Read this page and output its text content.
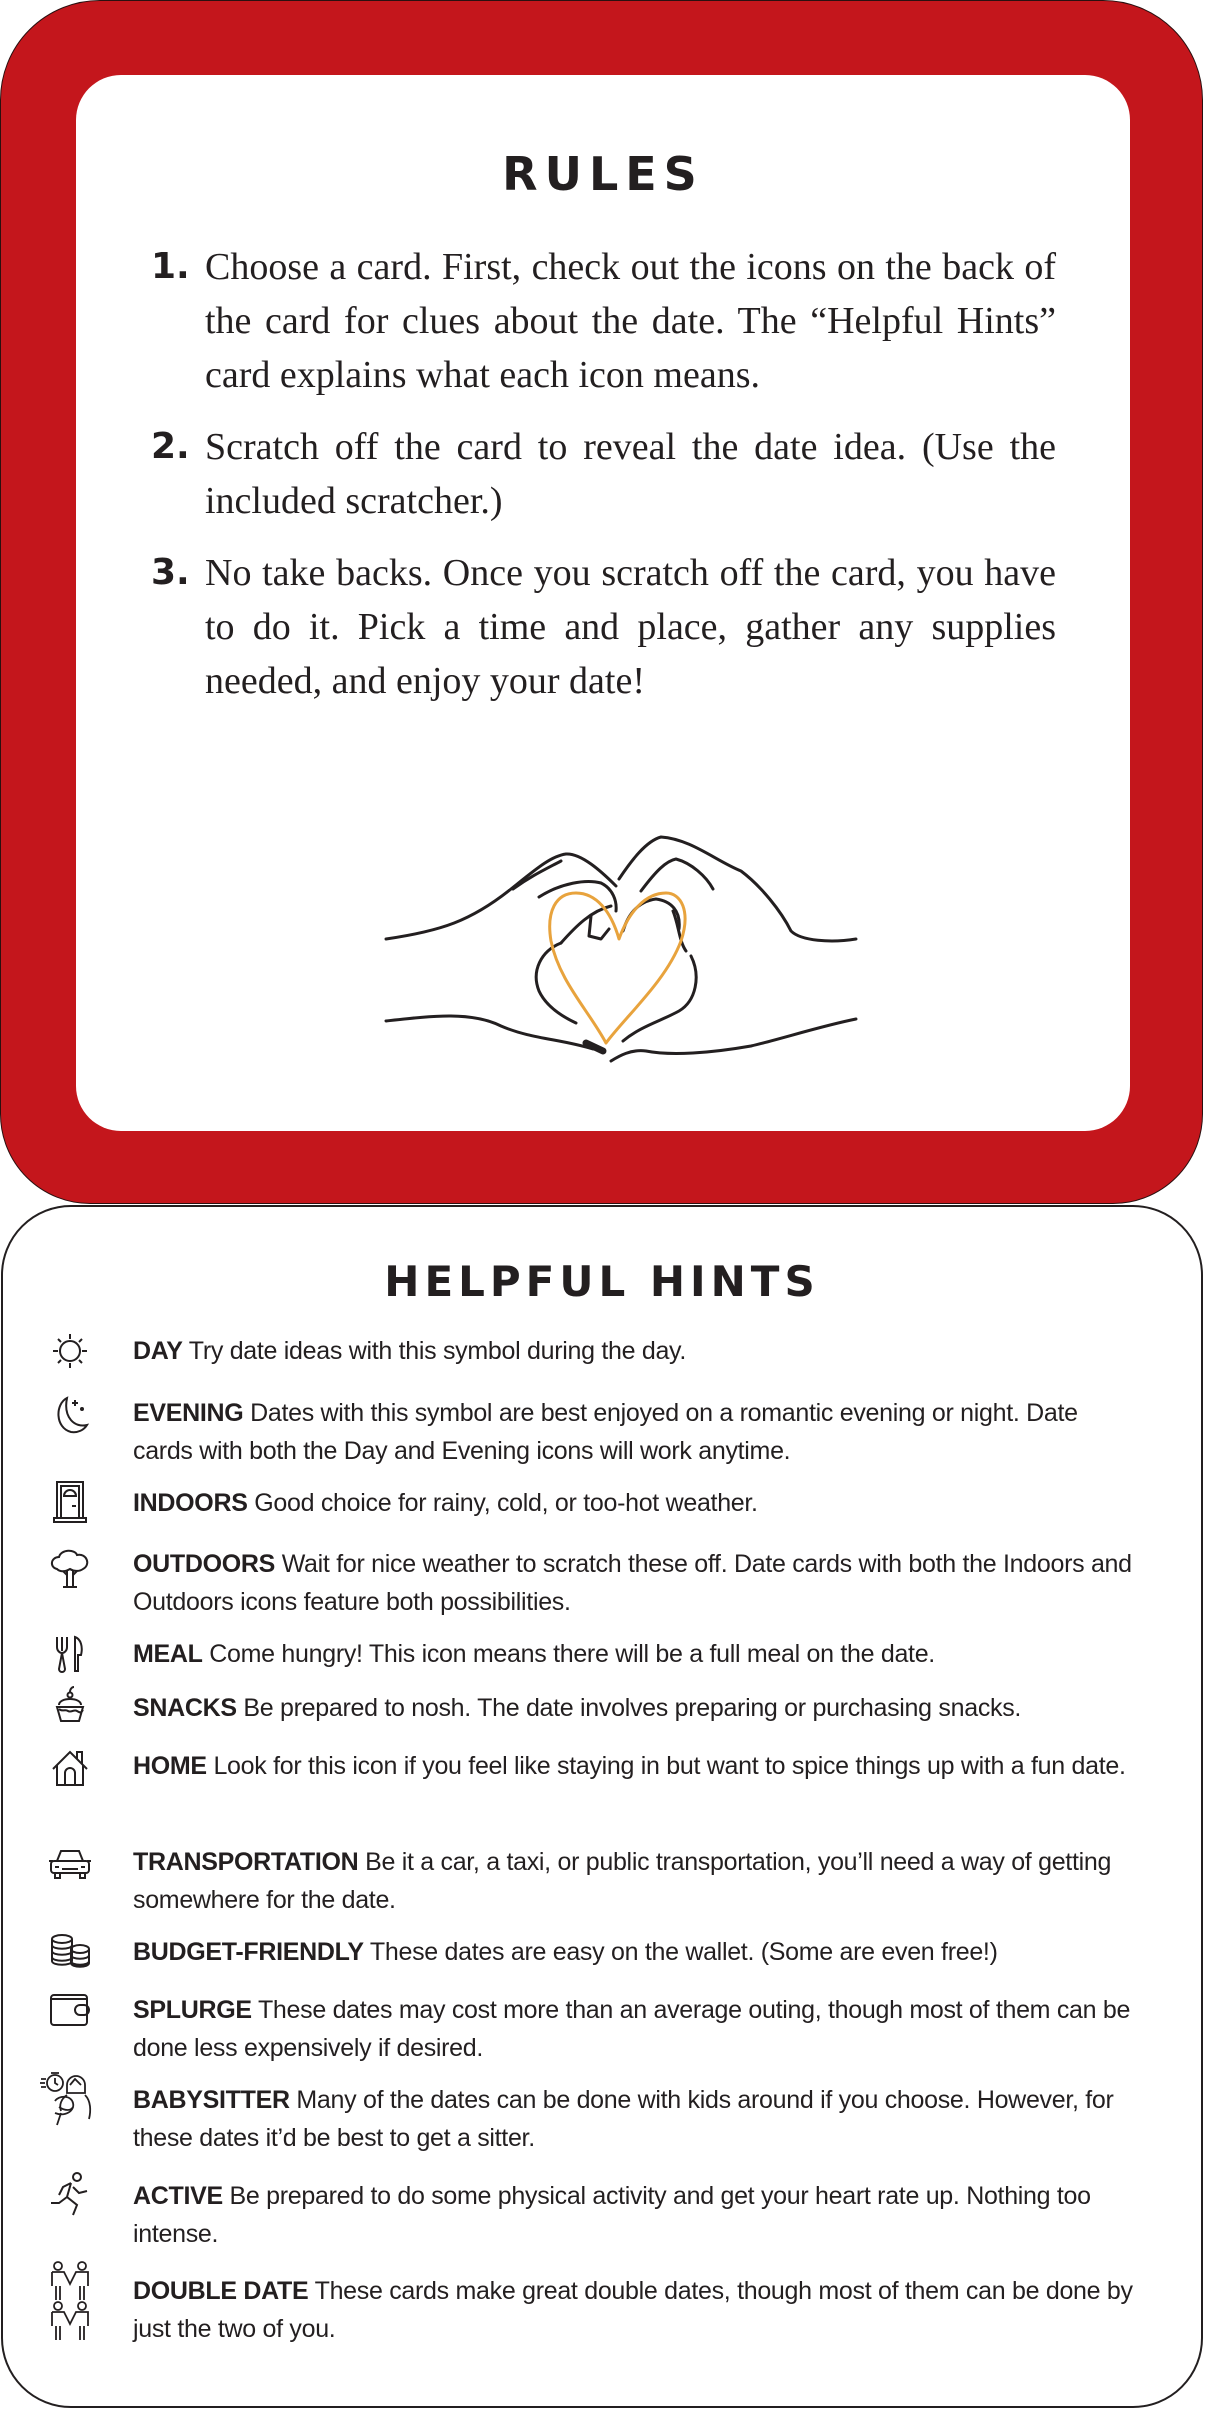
RULES
1. Choose a card. First, check out the icons on the back of the card for clues about the date. The “Helpful Hints” card explains what each icon means.
2. Scratch off the card to reveal the date idea. (Use the included scratcher.)
3. No take backs. Once you scratch off the card, you have to do it. Pick a time and place, gather any supplies needed, and enjoy your date!
HELPFUL HINTS
DAY Try date ideas with this symbol during the day.
EVENING Dates with this symbol are best enjoyed on a romantic evening or night. Date cards with both the Day and Evening icons will work anytime.
INDOORS Good choice for rainy, cold, or too-hot weather.
OUTDOORS Wait for nice weather to scratch these off. Date cards with both the Indoors and Outdoors icons feature both possibilities.
MEAL Come hungry! This icon means there will be a full meal on the date.
SNACKS Be prepared to nosh. The date involves preparing or purchasing snacks.
HOME Look for this icon if you feel like staying in but want to spice things up with a fun date.
TRANSPORTATION Be it a car, a taxi, or public transportation, you’ll need a way of getting somewhere for the date.
BUDGET-FRIENDLY These dates are easy on the wallet. (Some are even free!)
SPLURGE These dates may cost more than an average outing, though most of them can be done less expensively if desired.
BABYSITTER Many of the dates can be done with kids around if you choose. However, for these dates it’d be best to get a sitter.
ACTIVE Be prepared to do some physical activity and get your heart rate up. Nothing too intense.
DOUBLE DATE These cards make great double dates, though most of them can be done by just the two of you.
